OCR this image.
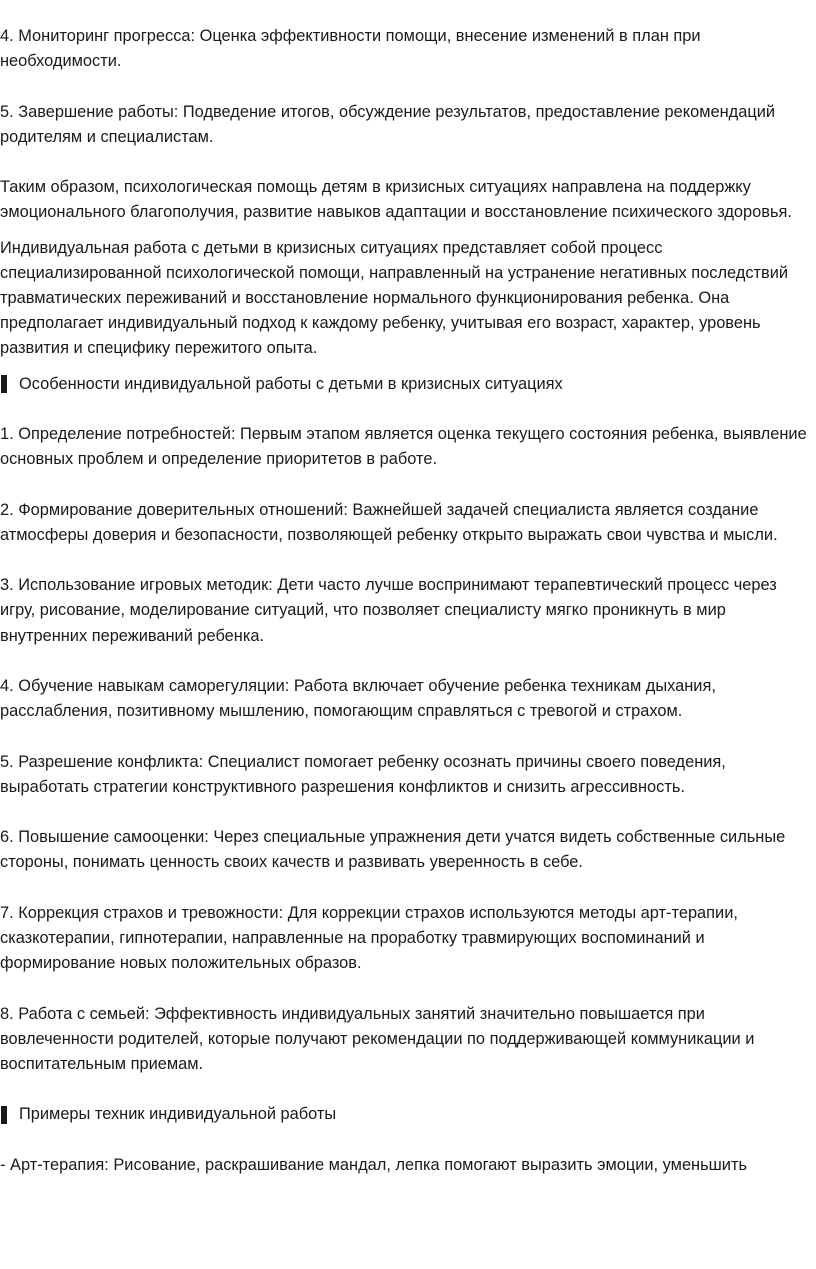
4. Мониторинг прогресса: Оценка эффективности помощи, внесение изменений в план при необходимости.

5. Завершение работы: Подведение итогов, обсуждение результатов, предоставление рекомендаций родителям и специалистам.

Таким образом, психологическая помощь детям в кризисных ситуациях направлена на поддержку эмоционального благополучия, развитие навыков адаптации и восстановление психического здоровья.

Индивидуальная работа с детьми в кризисных ситуациях представляет собой процесс специализированной психологической помощи, направленный на устранение негативных последствий травматических переживаний и восстановление нормального функционирования ребенка. Она предполагает индивидуальный подход к каждому ребенку, учитывая его возраст, характер, уровень развития и специфику пережитого опыта.

Особенности индивидуальной работы с детьми в кризисных ситуациях

1. Определение потребностей: Первым этапом является оценка текущего состояния ребенка, выявление основных проблем и определение приоритетов в работе.

2. Формирование доверительных отношений: Важнейшей задачей специалиста является создание атмосферы доверия и безопасности, позволяющей ребенку открыто выражать свои чувства и мысли.

3. Использование игровых методик: Дети часто лучше воспринимают терапевтический процесс через игру, рисование, моделирование ситуаций, что позволяет специалисту мягко проникнуть в мир внутренних переживаний ребенка.

4. Обучение навыкам саморегуляции: Работа включает обучение ребенка техникам дыхания, расслабления, позитивному мышлению, помогающим справляться с тревогой и страхом.

5. Разрешение конфликта: Специалист помогает ребенку осознать причины своего поведения, выработать стратегии конструктивного разрешения конфликтов и снизить агрессивность.

6. Повышение самооценки: Через специальные упражнения дети учатся видеть собственные сильные стороны, понимать ценность своих качеств и развивать уверенность в себе.

7. Коррекция страхов и тревожности: Для коррекции страхов используются методы арт-терапии, сказкотерапии, гипнотерапии, направленные на проработку травмирующих воспоминаний и формирование новых положительных образов.

8. Работа с семьей: Эффективность индивидуальных занятий значительно повышается при вовлеченности родителей, которые получают рекомендации по поддерживающей коммуникации и воспитательным приемам.

Примеры техник индивидуальной работы

- Арт-терапия: Рисование, раскрашивание мандал, лепка помогают выразить эмоции, уменьшить
